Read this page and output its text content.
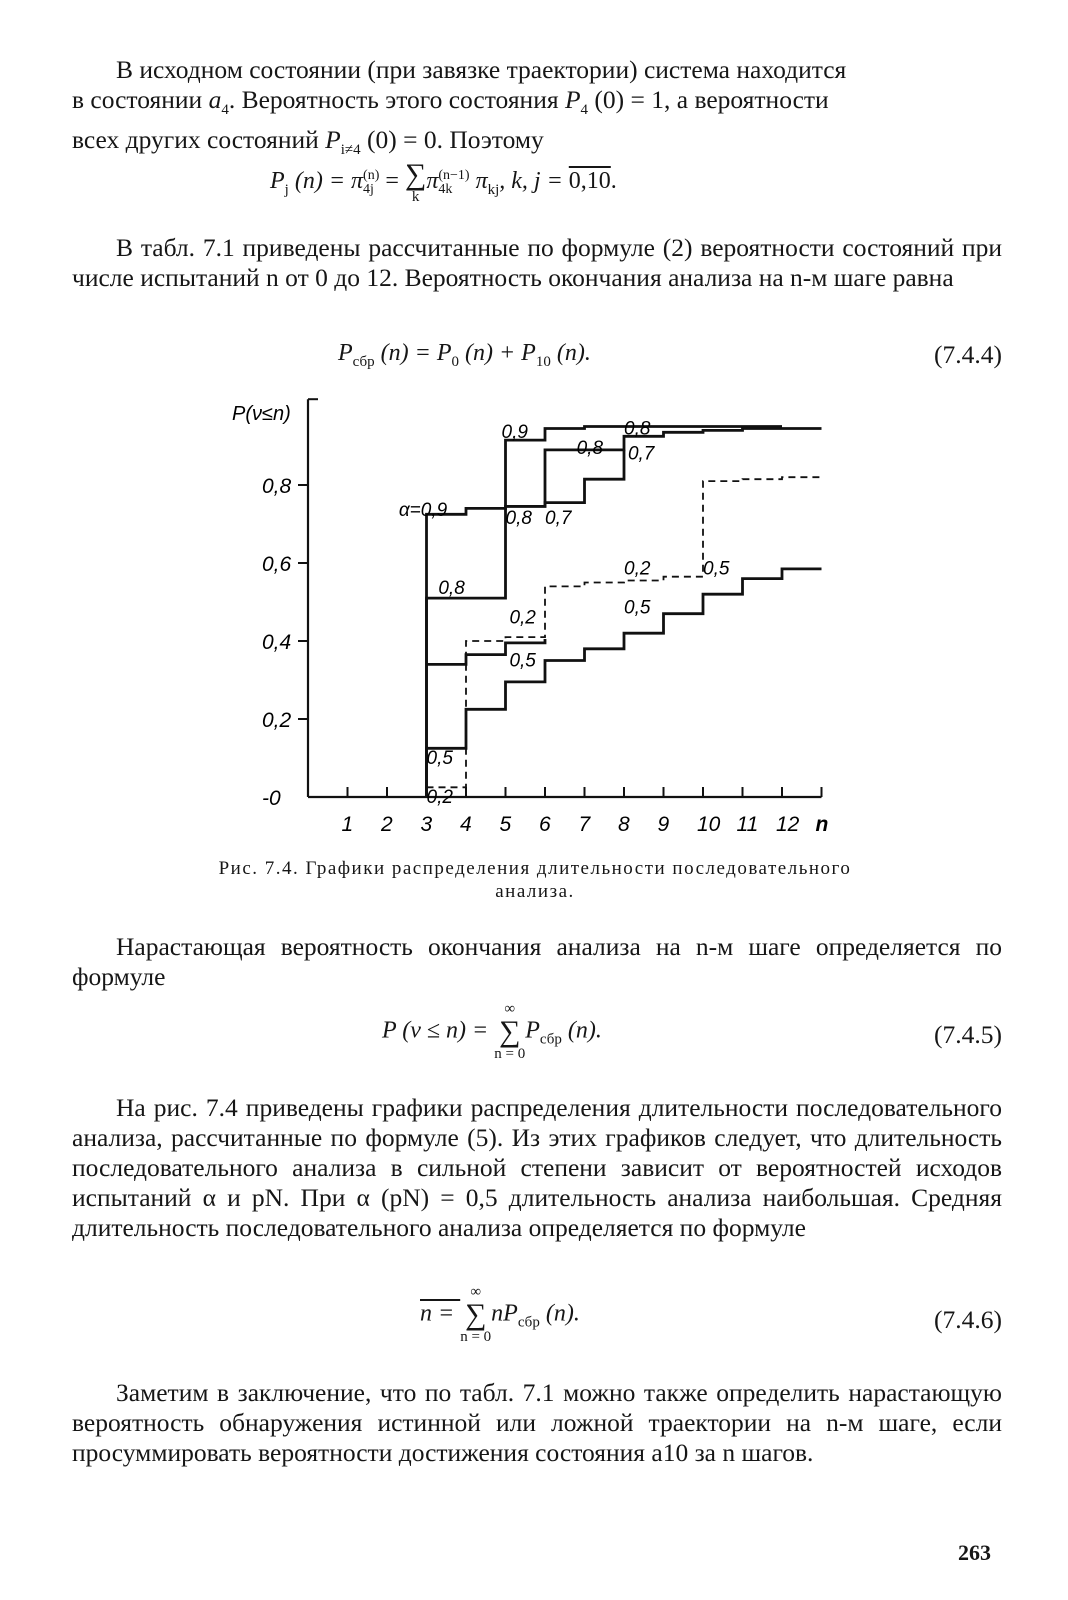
В исходном состоянии (при завязке траектории) система находится
в состоянии $a_4$. Вероятность этого состояния $P_4$ (0) = 1, а вероятности
всех других состояний $P_{i\ne 4}$ (0) = 0. Поэтому
$P_j$ (n) = π (n)
4j = ∑
k
π (n−1)
4k $\pi_{kj}$, k, j = 0,10.

В табл. 7.1 приведены рассчитанные по формуле (2) вероятности состояний при числе испытаний n от 0 до 12. Вероятность окончания анализа на n-м шаге равна

$P_{сбр}$ $(n) = P_0$ $(n) + P_{10}$ (n).	(7.4.4)
P(ν≤n)
-0
0,2
0,4
0,6
0,8
1 2 3 4 5 6 7 8 9 10 11 12 n
α=0,9
0,9
0,8
0,8
0,7
0,8 0,7
0,8
0,2
0,5
0,2	0,5
0,5
0,5
0,2
Рис. 7.4. Графики распределения длительности последовательного
анализа.

Нарастающая вероятность окончания анализа на n-м шаге определяется по формуле

P (ν ≤ n) =
∞
∑
n = 0
$P_{сбр}$ (n).	(7.4.5)

На рис. 7.4 приведены графики распределения длительности последовательного анализа, рассчитанные по формуле (5). Из этих графиков следует, что длительность последовательного анализа в сильной степени зависит от вероятностей исходов испытаний α и pN. При α (pN) = 0,5 длительность анализа наибольшая. Средняя длительность последовательного анализа определяется по формуле

n =
∞
∑
n = 0
$nP_{сбр}$ (n).	(7.4.6)

Заметим в заключение, что по табл. 7.1 можно также определить нарастающую вероятность обнаружения истинной или ложной траектории на n-м шаге, если просуммировать вероятности достижения состояния a10 за n шагов.

263
